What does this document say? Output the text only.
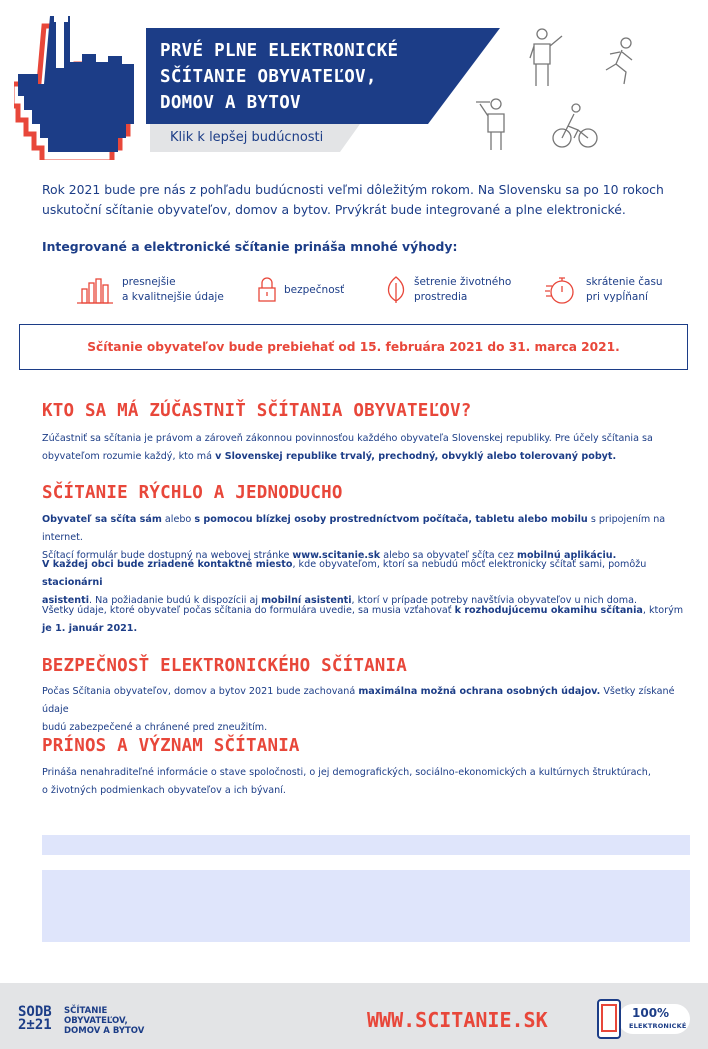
PRVÉ PLNE ELEKTRONICKÉ
SČÍTANIE OBYVATEĽOV,
DOMOV A BYTOV
Klik k lepšej budúcnosti
Rok 2021 bude pre nás z pohľadu budúcnosti veľmi dôležitým rokom. Na Slovensku sa po 10 rokoch
uskutoční sčítanie obyvateľov, domov a bytov. Prvýkrát bude integrované a plne elektronické.
Integrované a elektronické sčítanie prináša mnohé výhody:
presnejšie
a kvalitnejšie údaje
bezpečnosť
šetrenie životného
prostredia
skrátenie času
pri vypĺňaní
Sčítanie obyvateľov bude prebiehať od 15. februára 2021 do 31. marca 2021.
KTO SA MÁ ZÚČASTNIŤ SČÍTANIA OBYVATEĽOV?

Zúčastniť sa sčítania je právom a zároveň zákonnou povinnosťou každého obyvateľa Slovenskej republiky. Pre účely sčítania sa
obyvateľom rozumie každý, kto má v Slovenskej republike trvalý, prechodný, obvyklý alebo tolerovaný pobyt.

SČÍTANIE RÝCHLO A JEDNODUCHO

Obyvateľ sa sčíta sám alebo s pomocou blízkej osoby prostredníctvom počítača, tabletu alebo mobilu s pripojením na internet.
Sčítací formulár bude dostupný na webovej stránke www.scitanie.sk alebo sa obyvateľ sčíta cez mobilnú aplikáciu.

V každej obci bude zriadené kontaktné miesto, kde obyvateľom, ktorí sa nebudú môcť elektronicky sčítať sami, pomôžu stacionárni
asistenti. Na požiadanie budú k dispozícii aj mobilní asistenti, ktorí v prípade potreby navštívia obyvateľov u nich doma.

Všetky údaje, ktoré obyvateľ počas sčítania do formulára uvedie, sa musia vzťahovať k rozhodujúcemu okamihu sčítania, ktorým
je 1. január 2021.

BEZPEČNOSŤ ELEKTRONICKÉHO SČÍTANIA

Počas Sčítania obyvateľov, domov a bytov 2021 bude zachovaná maximálna možná ochrana osobných údajov. Všetky získané údaje
budú zabezpečené a chránené pred zneužitím.

PRÍNOS A VÝZNAM SČÍTANIA

Prináša nenahraditeľné informácie o stave spoločnosti, o jej demografických, sociálno-ekonomických a kultúrnych štruktúrach,
o životných podmienkach obyvateľov a ich bývaní.

SODB
2±21
SČÍTANIE
OBYVATEĽOV,
DOMOV A BYTOV	WWW.SCITANIE.SK	100%
ELEKTRONICKÉ
